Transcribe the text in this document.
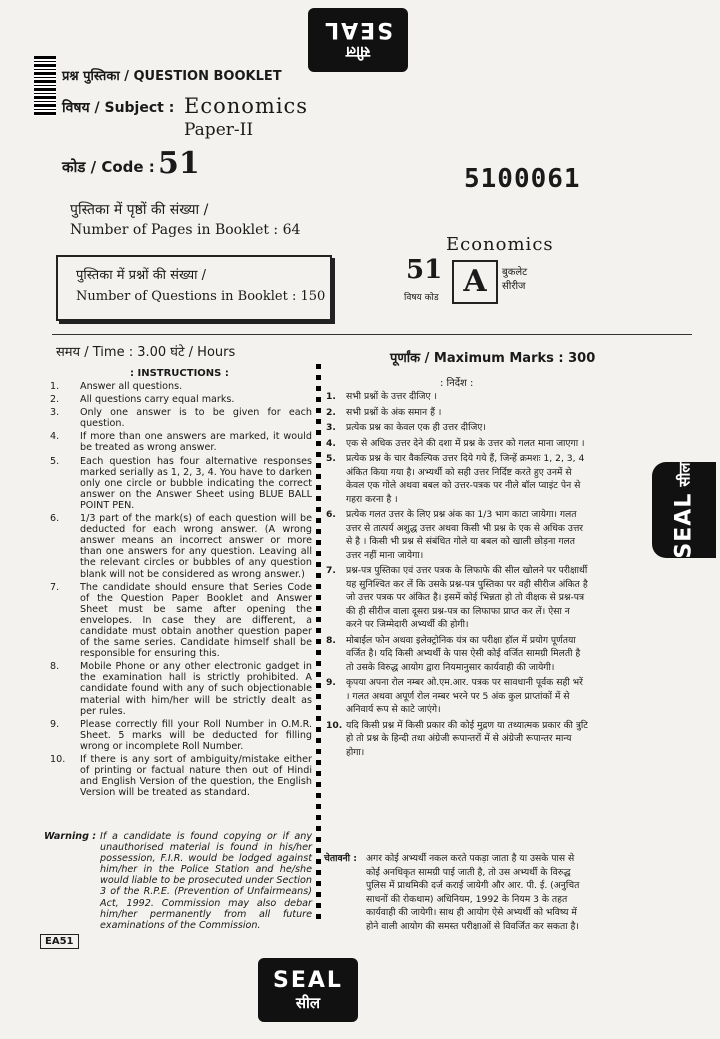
सील
SEAL
प्रश्न पुस्तिका / QUESTION BOOKLET
विषय / Subject : Economics
Paper-II
कोड / Code : 51	5100061
पुस्तिका में पृष्ठों की संख्या /
Number of Pages in Booklet : 64
पुस्तिका में प्रश्नों की संख्या /
Number of Questions in Booklet : 150
Economics
51
विषय कोड A	बुकलेट सीरीज
समय / Time : 3.00 घंटे / Hours	पूर्णांक / Maximum Marks : 300
SEAL
सील
: INSTRUCTIONS :
1.	Answer all questions.
2.	All questions carry equal marks.
3.	Only one answer is to be given for each question.
4.	If more than one answers are marked, it would be treated as wrong answer.
5.	Each question has four alternative responses marked serially as 1, 2, 3, 4. You have to darken only one circle or bubble indicating the correct answer on the Answer Sheet using BLUE BALL POINT PEN.
6.	1/3 part of the mark(s) of each question will be deducted for each wrong answer. (A wrong answer means an incorrect answer or more than one answers for any question. Leaving all the relevant circles or bubbles of any question blank will not be considered as wrong answer.)
7.	The candidate should ensure that Series Code of the Question Paper Booklet and Answer Sheet must be same after opening the envelopes. In case they are different, a candidate must obtain another question paper of the same series. Candidate himself shall be responsible for ensuring this.
8.	Mobile Phone or any other electronic gadget in the examination hall is strictly prohibited. A candidate found with any of such objectionable material with him/her will be strictly dealt as per rules.
9.	Please correctly fill your Roll Number in O.M.R. Sheet. 5 marks will be deducted for filling wrong or incomplete Roll Number.
10.	If there is any sort of ambiguity/mistake either of printing or factual nature then out of Hindi and English Version of the question, the English Version will be treated as standard.
Warning : If a candidate is found copying or if any unauthorised material is found in his/her possession, F.I.R. would be lodged against him/her in the Police Station and he/she would liable to be prosecuted under Section 3 of the R.P.E. (Prevention of Unfairmeans) Act, 1992. Commission may also debar him/her permanently from all future examinations of the Commission.
: निर्देश :
1.	सभी प्रश्नों के उत्तर दीजिए ।
2.	सभी प्रश्नों के अंक समान हैं ।
3.	प्रत्येक प्रश्न का केवल एक ही उत्तर दीजिए।
4.	एक से अधिक उत्तर देने की दशा में प्रश्न के उत्तर को गलत माना जाएगा ।
5.	प्रत्येक प्रश्न के चार वैकल्पिक उत्तर दिये गये हैं, जिन्हें क्रमशः 1, 2, 3, 4 अंकित किया गया है। अभ्यर्थी को सही उत्तर निर्दिष्ट करते हुए उनमें से केवल एक गोले अथवा बबल को उत्तर-पत्रक पर नीले बॉल प्वाइंट पेन से गहरा करना है ।
6.	प्रत्येक गलत उत्तर के लिए प्रश्न अंक का 1/3 भाग काटा जायेगा। गलत उत्तर से तात्पर्य अशुद्ध उत्तर अथवा किसी भी प्रश्न के एक से अधिक उत्तर से है । किसी भी प्रश्न से संबंधित गोले या बबल को खाली छोड़ना गलत उत्तर नहीं माना जायेगा।
7.	प्रश्न-पत्र पुस्तिका एवं उत्तर पत्रक के लिफाफे की सील खोलने पर परीक्षार्थी यह सुनिश्चित कर लें कि उसके प्रश्न-पत्र पुस्तिका पर वही सीरीज अंकित है जो उत्तर पत्रक पर अंकित है। इसमें कोई भिन्नता हो तो वीक्षक से प्रश्न-पत्र की ही सीरीज वाला दूसरा प्रश्न-पत्र का लिफाफा प्राप्त कर लें। ऐसा न करने पर जिम्मेदारी अभ्यर्थी की होगी।
8.	मोबाईल फोन अथवा इलेक्ट्रोनिक यंत्र का परीक्षा हॉल में प्रयोग पूर्णतया वर्जित है। यदि किसी अभ्यर्थी के पास ऐसी कोई वर्जित सामग्री मिलती है तो उसके विरुद्ध आयोग द्वारा नियमानुसार कार्यवाही की जायेगी।
9.	कृपया अपना रोल नम्बर ओ.एम.आर. पत्रक पर सावधानी पूर्वक सही भरें । गलत अथवा अपूर्ण रोल नम्बर भरने पर 5 अंक कुल प्राप्तांकों में से अनिवार्य रूप से काटे जाएंगे।
10. यदि किसी प्रश्न में किसी प्रकार की कोई मुद्रण या तथ्यात्मक प्रकार की त्रुटि हो तो प्रश्न के हिन्दी तथा अंग्रेजी रूपान्तरों में से अंग्रेजी रूपान्तर मान्य होगा।
चेतावनी : अगर कोई अभ्यर्थी नकल करते पकड़ा जाता है या उसके पास से कोई अनधिकृत सामग्री पाई जाती है, तो उस अभ्यर्थी के विरुद्ध पुलिस में प्राथमिकी दर्ज कराई जायेगी और आर. पी. ई. (अनुचित साधनों की रोकथाम) अधिनियम, 1992 के नियम 3 के तहत कार्यवाही की जायेगी। साथ ही आयोग ऐसे अभ्यर्थी को भविष्य में होने वाली आयोग की समस्त परीक्षाओं से विवर्जित कर सकता है।
EA51
SEAL
सील
